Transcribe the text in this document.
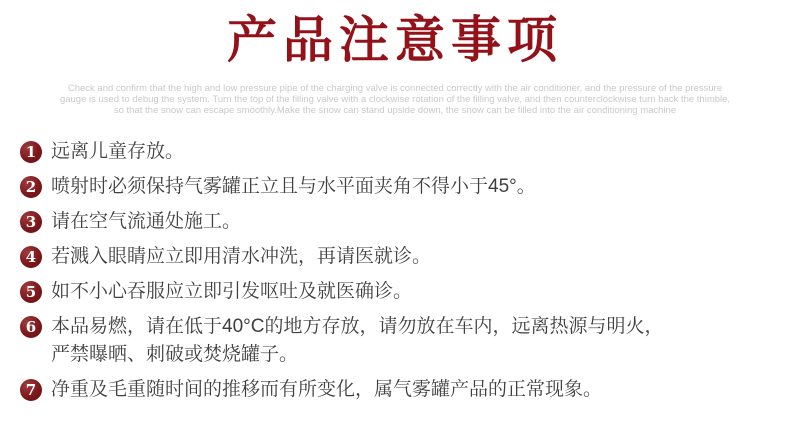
产品注意事项
Check and confirm that the high and low pressure pipe of the charging valve is connected correctly with the air conditioner, and the pressure of the pressure
gauge is used to debug the system. Turn the top of the filling valve with a clockwise rotation of the filling valve, and then counterclockwise turn back the thimble,
so that the snow can escape smoothly.Make the snow can stand upside down, the snow can be filled into the air conditioning machine
1 远离儿童存放。
2 喷射时必须保持气雾罐正立且与水平面夹角不得小于45°。
3 请在空气流通处施工。
4 若溅入眼睛应立即用清水冲洗，再请医就诊。
5 如不小心吞服应立即引发呕吐及就医确诊。
6 本品易燃，请在低于40°C的地方存放，请勿放在车内，远离热源与明火，
严禁曝晒、刺破或焚烧罐子。
7 净重及毛重随时间的推移而有所变化，属气雾罐产品的正常现象。
